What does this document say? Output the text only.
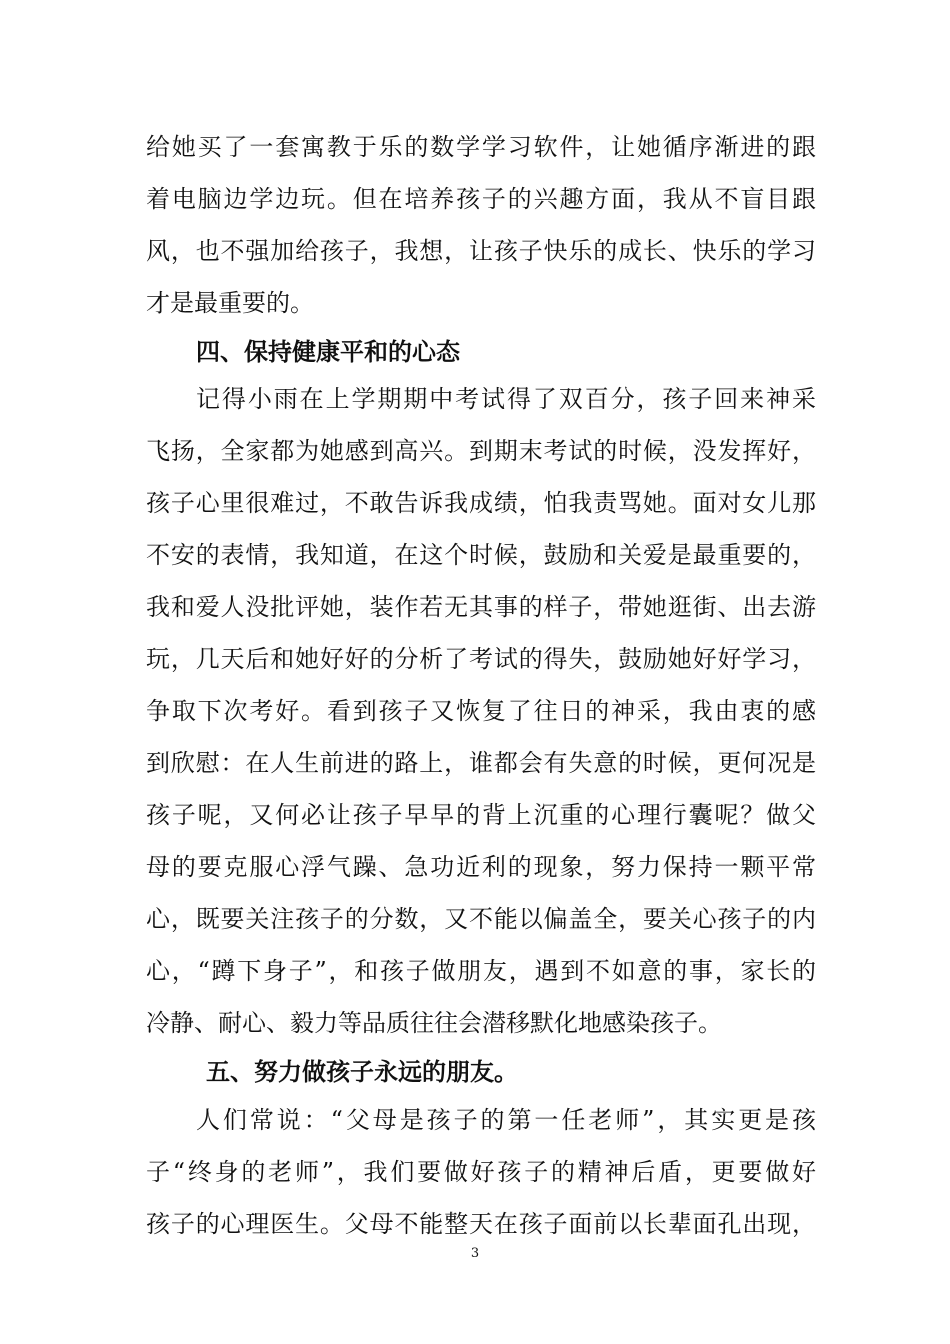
给她买了一套寓教于乐的数学学习软件，让她循序渐进的跟
着电脑边学边玩。但在培养孩子的兴趣方面，我从不盲目跟
风，也不强加给孩子，我想，让孩子快乐的成长、快乐的学习
才是最重要的。
四、保持健康平和的心态
记得小雨在上学期期中考试得了双百分，孩子回来神采
飞扬，全家都为她感到高兴。到期末考试的时候，没发挥好，
孩子心里很难过，不敢告诉我成绩，怕我责骂她。面对女儿那
不安的表情，我知道，在这个时候，鼓励和关爱是最重要的，
我和爱人没批评她，装作若无其事的样子，带她逛街、出去游
玩，几天后和她好好的分析了考试的得失，鼓励她好好学习，
争取下次考好。看到孩子又恢复了往日的神采，我由衷的感
到欣慰：在人生前进的路上，谁都会有失意的时候，更何况是
孩子呢，又何必让孩子早早的背上沉重的心理行囊呢？做父
母的要克服心浮气躁、急功近利的现象，努力保持一颗平常
心，既要关注孩子的分数，又不能以偏盖全，要关心孩子的内
心，“蹲下身子”，和孩子做朋友，遇到不如意的事，家长的
冷静、耐心、毅力等品质往往会潜移默化地感染孩子。
五、努力做孩子永远的朋友。
人们常说：“父母是孩子的第一任老师”，其实更是孩
子“终身的老师”，我们要做好孩子的精神后盾，更要做好
孩子的心理医生。父母不能整天在孩子面前以长辈面孔出现，
3
